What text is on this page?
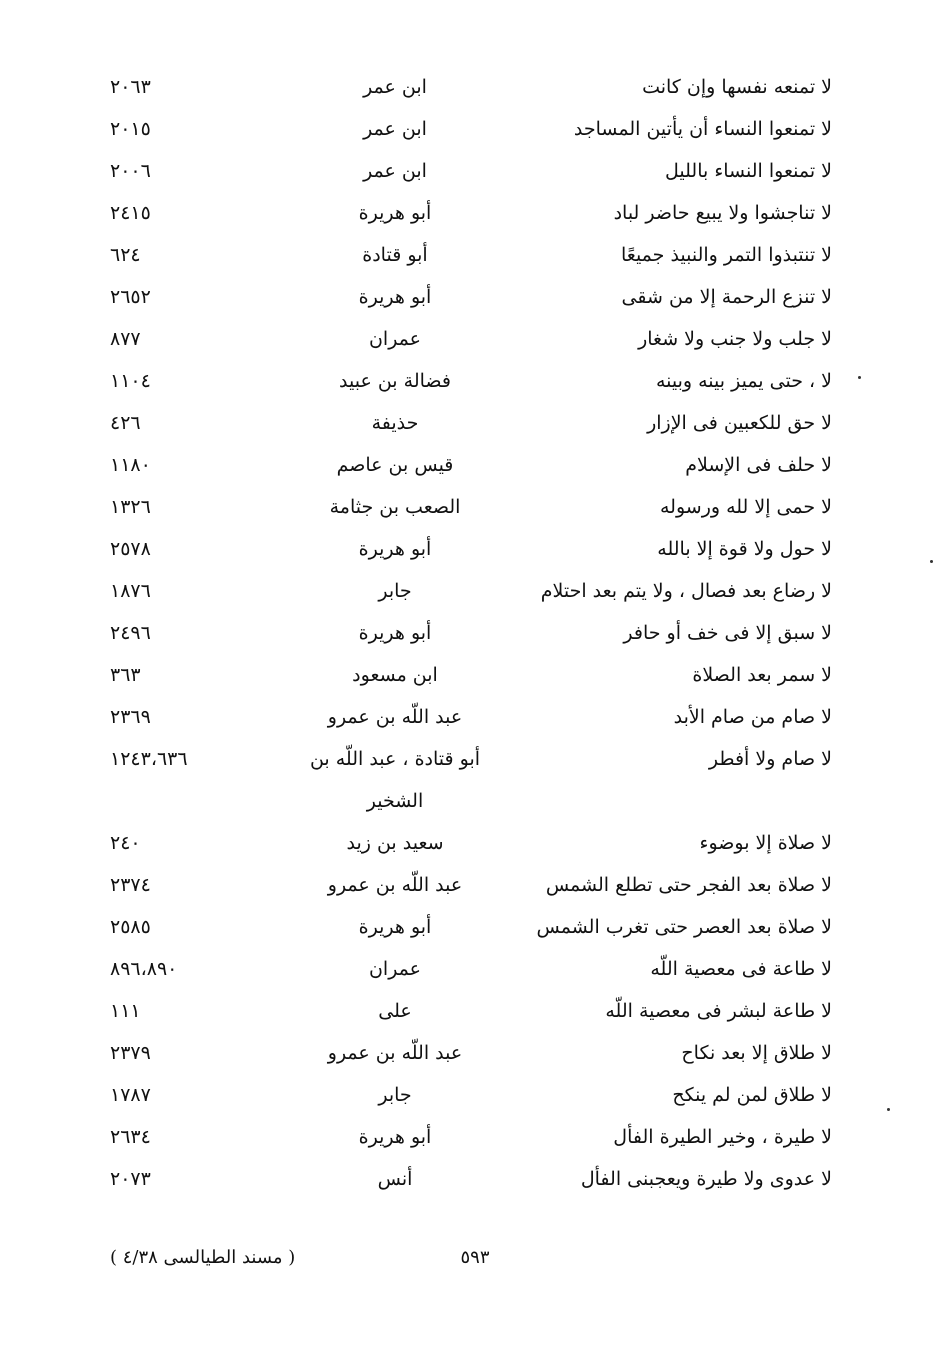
لا تمنعه نفسها وإن كانت
ابن عمر
٢٠٦٣
لا تمنعوا النساء أن يأتين المساجد
ابن عمر
٢٠١٥
لا تمنعوا النساء بالليل
ابن عمر
٢٠٠٦
لا تناجشوا ولا يبيع حاضر لباد
أبو هريرة
٢٤١٥
لا تنتبذوا التمر والنبيذ جميعًا
أبو قتادة
٦٢٤
لا تنزع الرحمة إلا من شقى
أبو هريرة
٢٦٥٢
لا جلب ولا جنب ولا شغار
عمران
٨٧٧
لا ، حتى يميز بينه وبينه
فضالة بن عبيد
١١٠٤
لا حق للكعبين فى الإزار
حذيفة
٤٢٦
لا حلف فى الإسلام
قيس بن عاصم
١١٨٠
لا حمى إلا لله ورسوله
الصعب بن جثامة
١٣٢٦
لا حول ولا قوة إلا بالله
أبو هريرة
٢٥٧٨
لا رضاع بعد فصال ، ولا يتم بعد احتلام
جابر
١٨٧٦
لا سبق إلا فى خف أو حافر
أبو هريرة
٢٤٩٦
لا سمر بعد الصلاة
ابن مسعود
٣٦٣
لا صام من صام الأبد
عبد اللّه بن عمرو
٢٣٦٩
لا صام ولا أفطر
أبو قتادة ، عبد اللّه بن
١٢٤٣،٦٣٦
الشخير
لا صلاة إلا بوضوء
سعيد بن زيد
٢٤٠
لا صلاة بعد الفجر حتى تطلع الشمس
عبد اللّه بن عمرو
٢٣٧٤
لا صلاة بعد العصر حتى تغرب الشمس
أبو هريرة
٢٥٨٥
لا طاعة فى معصية اللّه
عمران
٨٩٦،٨٩٠
لا طاعة لبشر فى معصية اللّه
على
١١١
لا طلاق إلا بعد نكاح
عبد اللّه بن عمرو
٢٣٧٩
لا طلاق لمن لم ينكح
جابر
١٧٨٧
لا طيرة ، وخير الطيرة الفأل
أبو هريرة
٢٦٣٤
لا عدوى ولا طيرة ويعجبنى الفأل
أنس
٢٠٧٣
٥٩٣
( مسند الطيالسى ٤/٣٨ )
